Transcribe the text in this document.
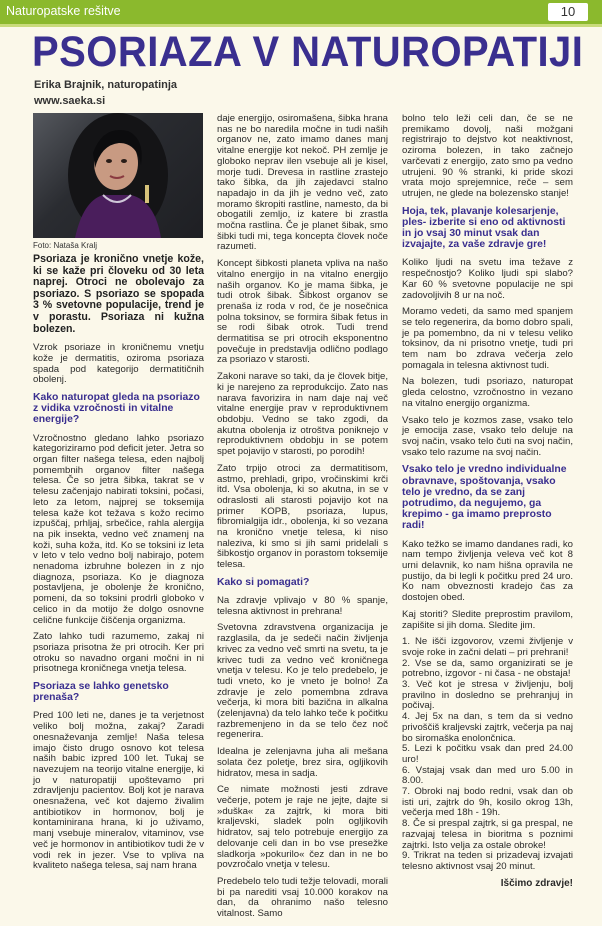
Naturopatske rešitve	10
PSORIAZA V NATUROPATIJI
Erika Brajnik, naturopatinja
www.saeka.si
Foto: Nataša Kralj

Psoriaza je kronično vnetje kože, ki se kaže pri človeku od 30 leta naprej. Otroci ne obolevajo za psoriazo. S psoriazo se spopada 3 % svetovne populacije, trend je v porastu. Psoriaza ni kužna bolezen.

Vzrok psoriaze in kroničnemu vnetju kože je dermatitis, oziroma psoriaza spada pod kategorijo dermatitičnih obolenj.

Kako naturopat gleda na psoriazo z vidika vzročnosti in vitalne energije?

Vzročnostno gledano lahko psoriazo kategoriziramo pod deficit jeter. Jetra so organ filter našega telesa, eden najbolj pomembnih organov filter našega telesa. Če so jetra šibka, takrat se v telesu začenjajo nabirati toksini, počasi, leto za letom, najprej se toksemija telesa kaže kot težava s kožo recimo izpuščaj, prhljaj, srbečice, rahla alergija na pik insekta, vedno več znamenj na koži, suha koža, itd. Ko se toksini iz leta v leto v telo vedno bolj nabirajo, potem nenadoma izbruhne bolezen in z njo diagnoza, psoriaza. Ko je diagnoza postavljena, je obolenje že kronično, pomeni, da so toksini prodrli globoko v celico in da motijo že dolgo osnovne celične funkcije čiščenja organizma.

Zato lahko tudi razumemo, zakaj ni psoriaza prisotna že pri otrocih. Ker pri otroku so navadno organi močni in ni prisotnega kroničnega vnetja telesa.

Psoriaza se lahko genetsko prenaša?

Pred 100 leti ne, danes je ta verjetnost veliko bolj možna, zakaj? Zaradi onesnaževanja zemlje! Naša telesa imajo čisto drugo osnovo kot telesa naših babic izpred 100 let. Tukaj se navezujem na teorijo vitalne energije, ki jo v naturopatiji upoštevamo pri zdravljenju pacientov. Bolj kot je narava onesnažena, več kot dajemo živalim antibiotikov in hormonov, bolj je kontaminirana hrana, ki jo uživamo, manj vsebuje mineralov, vitaminov, vse več je hormonov in antibiotikov tudi že v vodi rek in jezer. Vse to vpliva na kvaliteto našega telesa, saj nam hrana

daje energijo, osiromašena, šibka hrana nas ne bo naredila močne in tudi naših organov ne, zato imamo danes manj vitalne energije kot nekoč. PH zemlje je globoko neprav ilen vsebuje ali je kisel, morje tudi. Drevesa in rastline zrastejo tako šibka, da jih zajedavci stalno napadajo in da jih je vedno več, zato moramo škropiti rastline, namesto, da bi obogatili zemljo, iz katere bi zrastla močna rastlina. Če je planet šibak, smo šibki tudi mi, tega koncepta človek noče razumeti.

Koncept šibkosti planeta vpliva na našo vitalno energijo in na vitalno energijo naših organov. Ko je mama šibka, je tudi otrok šibak. Šibkost organov se prenaša iz roda v rod, če je nosečnica polna toksinov, se formira šibak fetus in se rodi šibak otrok. Tudi trend dermatitisa se pri otrocih eksponentno povečuje in predstavlja odlično podlago za psoriazo v starosti.

Zakoni narave so taki, da je človek bitje, ki je narejeno za reprodukcijo. Zato nas narava favorizira in nam daje naj več vitalne energije prav v reproduktivnem obdobju. Vedno se tako zgodi, da akutna obolenja iz otroštva poniknejo v reproduktivnem obdobju in se potem spet pojavijo v starosti, po porodih!

Zato trpijo otroci za dermatitisom, astmo, prehladi, gripo, vročinskimi krči itd. Vsa obolenja, ki so akutna, in se v odraslosti ali starosti pojavijo kot na primer KOPB, psoriaza, lupus, fibromialgija idr., obolenja, ki so vezana na kronično vnetje telesa, ki niso naleziva, ki smo si jih sami pridelali s šibkostjo organov in porastom toksemije telesa.

Kako si pomagati?

Na zdravje vplivajo v 80 % spanje, telesna aktivnost in prehrana!

Svetovna zdravstvena organizacija je razglasila, da je sedeči način življenja krivec za vedno več smrti na svetu, ta je krivec tudi za vedno več kroničnega vnetja v telesu. Ko je telo predebelo, je tudi vneto, ko je vneto je bolno! Za zdravje je zelo pomembna zdrava večerja, ki mora biti bazična in alkalna (zelenjavna) da telo lahko teče k počitku razbremenjeno in da se telo čez noč regenerira.

Idealna je zelenjavna juha ali mešana solata čez poletje, brez sira, ogljikovih hidratov, mesa in sadja.

Ce nimate možnosti jesti zdrave večerje, potem je raje ne jejte, dajte si »duška« za zajtrk, ki mora biti kraljevski, sladek poln ogljikovih hidratov, saj telo potrebuje energijo za delovanje celi dan in bo vse presežke sladkorja »pokurilo« čez dan in ne bo povzročalo vnetja v telesu.

Predebelo telo tudi težje telovadi, morali bi pa narediti vsaj 10.000 korakov na dan, da ohranimo našo telesno vitalnost. Samo

bolno telo leži celi dan, če se ne premikamo dovolj, naši možgani registrirajo to dejstvo kot neaktivnost, oziroma bolezen, in tako začnejo varčevati z energijo, zato smo pa vedno utrujeni. 90 % stranki, ki pride skozi vrata mojo sprejemnice, reče – sem utrujen, ne glede na bolezensko stanje!

Hoja, tek, plavanje kolesarjenje, ples- izberite si eno od aktivnosti in jo vsaj 30 minut vsak dan izvajajte, za vaše zdravje gre!

Koliko ljudi na svetu ima težave z respečnostjo? Koliko ljudi spi slabo? Kar 60 % svetovne populacije ne spi zadovoljivih 8 ur na noč.

Moramo vedeti, da samo med spanjem se telo regenerira, da bomo dobro spali, je pa pomembno, da ni v telesu veliko toksinov, da ni prisotno vnetje, tudi pri tem nam bo zdrava večerja zelo pomagala in telesna aktivnost tudi.

Na bolezen, tudi psoriazo, naturopat gleda celostno, vzročnostno in vezano na vitalno energijo organizma.

Vsako telo je kozmos zase, vsako telo je emocija zase, vsako telo deluje na svoj način, vsako telo čuti na svoj način, vsako telo razume na svoj način.

Vsako telo je vredno individualne obravnave, spoštovanja, vsako telo je vredno, da se zanj potrudimo, da negujemo, ga krepimo - ga imamo preprosto radi!

Kako težko se imamo dandanes radi, ko nam tempo življenja veleva več kot 8 urni delavnik, ko nam hišna opravila ne pustijo, da bi legli k počitku pred 24 uro. Ko nam obveznosti kradejo čas za dostojen obed.

Kaj storiti? Sledite preprostim pravilom, zapišite si jih doma. Sledite jim.

1. Ne išči izgovorov, vzemi življenje v svoje roke in začni delati – pri prehrani!
2. Vse se da, samo organizirati se je potrebno, izgovor - ni časa - ne obstaja!
3. Več kot je stresa v življenju, bolj pravilno in dosledno se prehranjuj in počivaj.
4. Jej 5x na dan, s tem da si vedno privoščiš kraljevski zajtrk, večerja pa naj bo siromaška enolončnica.
5. Lezi k počitku vsak dan pred 24.00 uro!
6. Vstajaj vsak dan med uro 5.00 in 8.00.
7. Obroki naj bodo redni, vsak dan ob isti uri, zajtrk do 9h, kosilo okrog 13h, večerja med 18h - 19h.
8. Če si prespal zajtrk, si ga prespal, ne razvajaj telesa in bioritma s poznimi zajtrki. Isto velja za ostale obroke!
9. Trikrat na teden si prizadevaj izvajati telesno aktivnost vsaj 20 minut.

Iščimo zdravje!
